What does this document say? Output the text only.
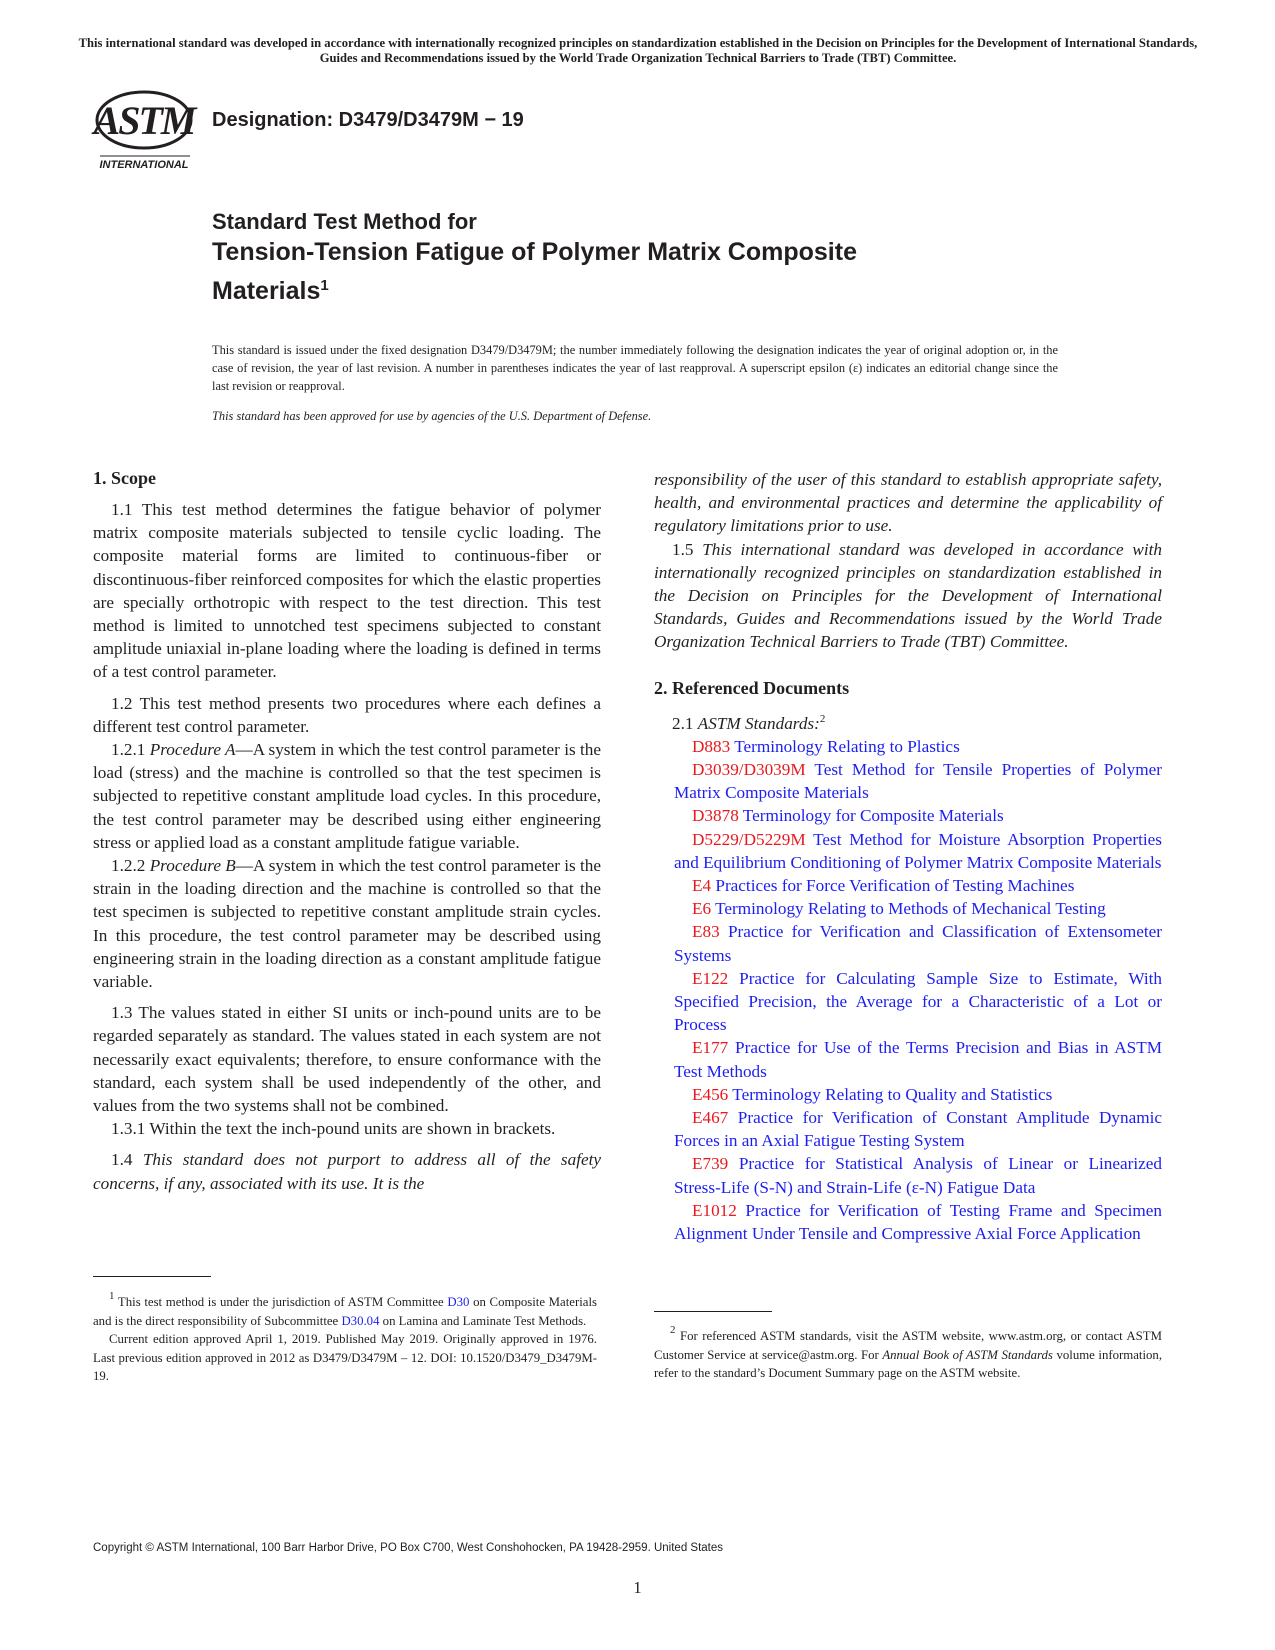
This international standard was developed in accordance with internationally recognized principles on standardization established in the Decision on Principles for the Development of International Standards, Guides and Recommendations issued by the World Trade Organization Technical Barriers to Trade (TBT) Committee.
ASTM
INTERNATIONAL
Designation: D3479/D3479M − 19
Standard Test Method for
Tension-Tension Fatigue of Polymer Matrix Composite
Materials$^1$
This standard is issued under the fixed designation D3479/D3479M; the number immediately following the designation indicates the year of original adoption or, in the case of revision, the year of last revision. A number in parentheses indicates the year of last reapproval. A superscript epsilon (ε) indicates an editorial change since the last revision or reapproval.
This standard has been approved for use by agencies of the U.S. Department of Defense.
1. Scope

1.1 This test method determines the fatigue behavior of polymer matrix composite materials subjected to tensile cyclic loading. The composite material forms are limited to continuous-fiber or discontinuous-fiber reinforced composites for which the elastic properties are specially orthotropic with respect to the test direction. This test method is limited to unnotched test specimens subjected to constant amplitude uniaxial in-plane loading where the loading is defined in terms of a test control parameter.

1.2 This test method presents two procedures where each defines a different test control parameter.

1.2.1 Procedure A—A system in which the test control parameter is the load (stress) and the machine is controlled so that the test specimen is subjected to repetitive constant amplitude load cycles. In this procedure, the test control parameter may be described using either engineering stress or applied load as a constant amplitude fatigue variable.

1.2.2 Procedure B—A system in which the test control parameter is the strain in the loading direction and the machine is controlled so that the test specimen is subjected to repetitive constant amplitude strain cycles. In this procedure, the test control parameter may be described using engineering strain in the loading direction as a constant amplitude fatigue variable.

1.3 The values stated in either SI units or inch-pound units are to be regarded separately as standard. The values stated in each system are not necessarily exact equivalents; therefore, to ensure conformance with the standard, each system shall be used independently of the other, and values from the two systems shall not be combined.

1.3.1 Within the text the inch-pound units are shown in brackets.

1.4 This standard does not purport to address all of the safety concerns, if any, associated with its use. It is the

responsibility of the user of this standard to establish appropriate safety, health, and environmental practices and determine the applicability of regulatory limitations prior to use.

1.5 This international standard was developed in accordance with internationally recognized principles on standardization established in the Decision on Principles for the Development of International Standards, Guides and Recommendations issued by the World Trade Organization Technical Barriers to Trade (TBT) Committee.

2. Referenced Documents

2.1 ASTM Standards:$^2$

D883 Terminology Relating to Plastics

D3039/D3039M Test Method for Tensile Properties of Polymer Matrix Composite Materials

D3878 Terminology for Composite Materials

D5229/D5229M Test Method for Moisture Absorption Properties and Equilibrium Conditioning of Polymer Matrix Composite Materials

E4 Practices for Force Verification of Testing Machines

E6 Terminology Relating to Methods of Mechanical Testing

E83 Practice for Verification and Classification of Extensometer Systems

E122 Practice for Calculating Sample Size to Estimate, With Specified Precision, the Average for a Characteristic of a Lot or Process

E177 Practice for Use of the Terms Precision and Bias in ASTM Test Methods

E456 Terminology Relating to Quality and Statistics

E467 Practice for Verification of Constant Amplitude Dynamic Forces in an Axial Fatigue Testing System

E739 Practice for Statistical Analysis of Linear or Linearized Stress-Life (S-N) and Strain-Life (ε-N) Fatigue Data

E1012 Practice for Verification of Testing Frame and Specimen Alignment Under Tensile and Compressive Axial Force Application

1 This test method is under the jurisdiction of ASTM Committee D30 on Composite Materials and is the direct responsibility of Subcommittee D30.04 on Lamina and Laminate Test Methods.

Current edition approved April 1, 2019. Published May 2019. Originally approved in 1976. Last previous edition approved in 2012 as D3479/D3479M – 12. DOI: 10.1520/D3479_D3479M-19.

2 For referenced ASTM standards, visit the ASTM website, www.astm.org, or contact ASTM Customer Service at service@astm.org. For Annual Book of ASTM Standards volume information, refer to the standard’s Document Summary page on the ASTM website.

Copyright © ASTM International, 100 Barr Harbor Drive, PO Box C700, West Conshohocken, PA 19428-2959. United States
1
